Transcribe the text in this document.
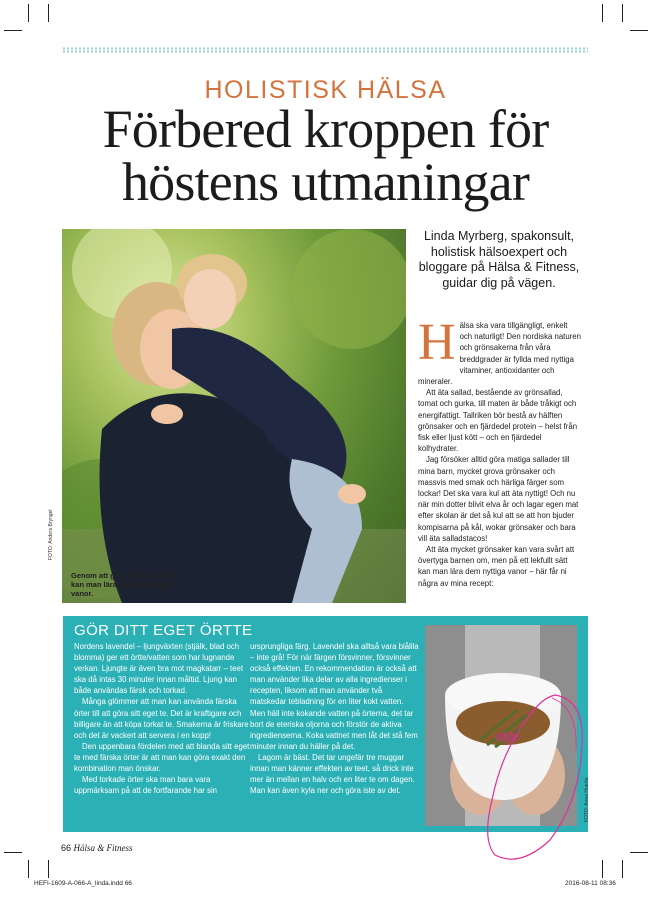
HOLISTISK HÄLSA
Förbered kroppen för
höstens utmaningar
FOTO: Anders Bryngel
Genom att göra maten lekfull kan man lära barnen nyttiga vanor.
Linda Myrberg, spakonsult, holistisk hälsoexpert och bloggare på Hälsa & Fitness, guidar dig på vägen.
H älsa ska vara tillgängligt, enkelt och naturligt! Den nordiska naturen och grönsakerna från våra breddgrader är fyllda med nyttiga vitaminer, antioxidanter och mineraler.

Att äta sallad, bestående av grönsallad, tomat och gurka, till maten är både tråkigt och energifattigt. Tallriken bör bestå av hälften grönsaker och en fjärdedel protein – helst från fisk eller ljust kött – och en fjärdedel kolhydrater.

Jag försöker alltid göra matiga sallader till mina barn, mycket grova grönsaker och massvis med smak och härliga färger som lockar! Det ska vara kul att äta nyttigt! Och nu när min dotter blivit elva år och lagar egen mat efter skolan är det så kul att se att hon bjuder kompisarna på kål, wokar grönsaker och bara vill äta salladstacos!

Att äta mycket grönsaker kan vara svårt att övertyga barnen om, men på ett lekfullt sätt kan man lära dem nyttiga vanor – här får ni några av mina recept:

GÖR DITT EGET ÖRTTE

Nordens lavendel – ljungväxten (stjälk, blad och blomma) ger ett örtte/vatten som har lugnande verkan. Ljungte är även bra mot magkatarr – teet ska då intas 30 minuter innan måltid. Ljung kan både användas färsk och torkad.

Många glömmer att man kan använda färska örter till att göra sitt eget te. Det är kraftigare och billigare än att köpa torkat te. Smakerna är friskare och det är vackert att servera i en kopp!

Den uppenbara fördelen med att blanda sitt eget te med färska örter är att man kan göra exakt den kombination man önskar.

Med torkade örter ska man bara vara uppmärksam på att de fortfarande har sin

ursprungliga färg. Lavendel ska alltså vara blålila – inte grå! För när färgen försvinner, försvinner också effekten. En rekommendation är också att man använder lika delar av alla ingredienser i recepten, liksom att man använder två matskedar tebladning för en liter kokt vatten. Men häll inte kokande vatten på örterna, det tar bort de eteriska oljorna och förstör de aktiva ingredienserna. Koka vattnet men låt det stå fem minuter innan du häller på det.

Lagom är bäst. Det tar ungefär tre muggar innan man känner effekten av teet, så drick inte mer än mellan en halv och en liter te om dagen. Man kan även kyla ner och göra iste av det.	FOTO: Anna Huerta
66 Hälsa & Fitness
HEFI-1609-A-066-A_linda.indd 66	2016-08-11 08:36
